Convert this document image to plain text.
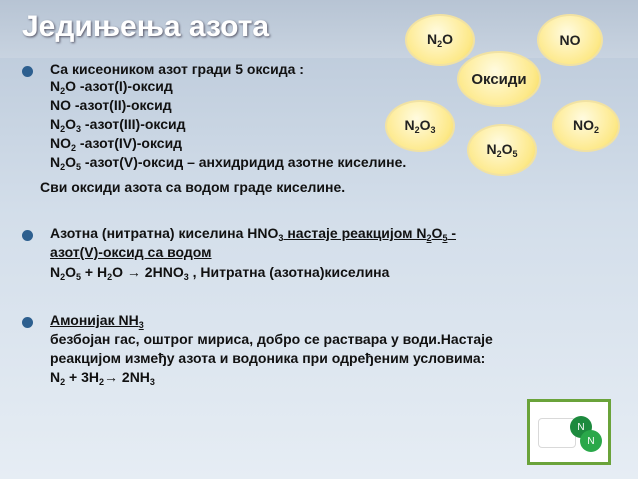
Једињења азота
Оксиди
$N_2O$	NO
$N_2O_3$	$NO_2$
$N_2O_5$
Са кисеоником азот гради 5 оксида :
$N_2O$ -азот(I)-оксид
NO -азот(II)-оксид
$N_2O_3$ -азот(III)-оксид
$NO_2$ -азот(IV)-оксид
$N_2O_5$ -азот(V)-оксид – анхидридид азотне киселине.
Сви оксиди азота са водом граде киселине.
Азотна (нитратна) киселина $HNO_3$ настаје реакцијом $N_2O_5$ -
азот(V)-оксид са водом
$N_2O_5 + H_2O \to 2HNO_3$ , Нитратна (азотна)киселина
Амонијак $NH_3$
безбојан гас, оштрог мириса, добро се раствара у води.Настаје
реакцијом између азота и водоника при одређеним условима:
$N_2 + 3H_2\to 2NH_3$
N
N
